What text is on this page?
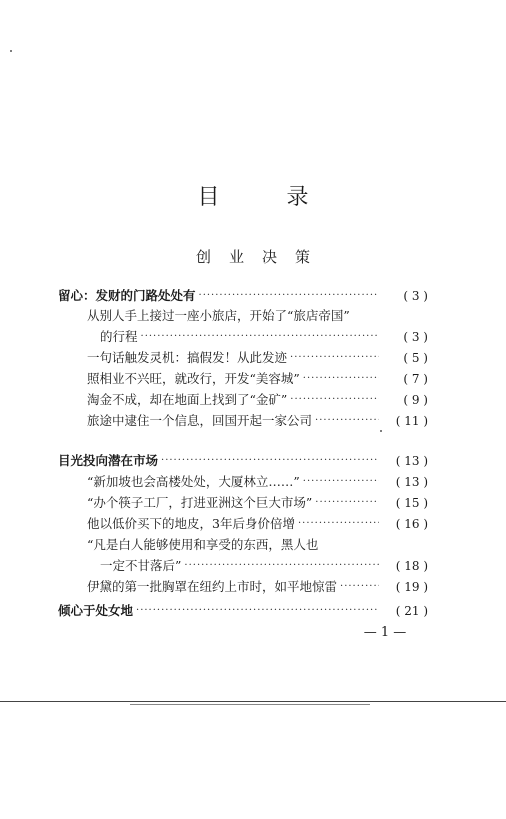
目 录
创业决策
留心：发财的门路处处有 ·····	( 3 )
从别人手上接过一座小旅店，开始了“旅店帝国”
的行程 ·····	( 3 )
一句话触发灵机：搞假发！从此发迹 ·····	( 5 )
照相业不兴旺，就改行，开发“美容城” ·····	( 7 )
淘金不成，却在地面上找到了“金矿” ·····	( 9 )
旅途中逮住一个信息，回国开起一家公司 ·····	( 11 )
目光投向潜在市场 ·····	( 13 )
“新加坡也会高楼处处，大厦林立……” ·····	( 13 )
“办个筷子工厂，打进亚洲这个巨大市场” ·····	( 15 )
他以低价买下的地皮，3年后身价倍增 ·····	( 16 )
“凡是白人能够使用和享受的东西，黑人也
一定不甘落后” ·····	( 18 )
伊黛的第一批胸罩在纽约上市时，如平地惊雷 ·····	( 19 )
倾心于处女地 ·····	( 21 )
— 1 —
